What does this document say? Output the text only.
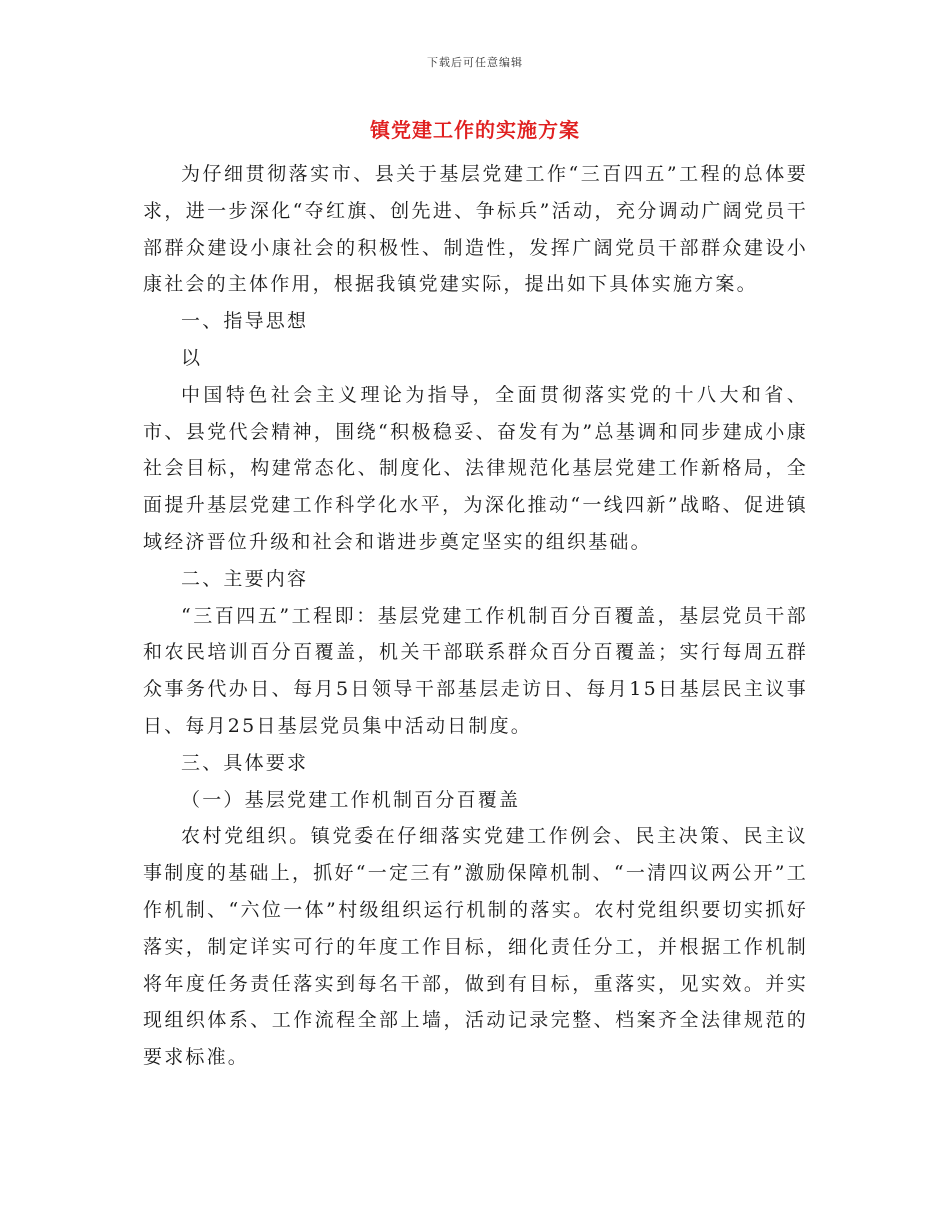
下载后可任意编辑
镇党建工作的实施方案

为仔细贯彻落实市、县关于基层党建工作“三百四五”工程的总体要求，进一步深化“夺红旗、创先进、争标兵”活动，充分调动广阔党员干部群众建设小康社会的积极性、制造性，发挥广阔党员干部群众建设小康社会的主体作用，根据我镇党建实际，提出如下具体实施方案。

一、指导思想

以

中国特色社会主义理论为指导，全面贯彻落实党的十八大和省、市、县党代会精神，围绕“积极稳妥、奋发有为”总基调和同步建成小康社会目标，构建常态化、制度化、法律规范化基层党建工作新格局，全面提升基层党建工作科学化水平，为深化推动“一线四新”战略、促进镇域经济晋位升级和社会和谐进步奠定坚实的组织基础。

二、主要内容

“三百四五”工程即：基层党建工作机制百分百覆盖，基层党员干部和农民培训百分百覆盖，机关干部联系群众百分百覆盖；实行每周五群众事务代办日、每月5日领导干部基层走访日、每月15日基层民主议事日、每月25日基层党员集中活动日制度。

三、具体要求

（一）基层党建工作机制百分百覆盖

农村党组织。镇党委在仔细落实党建工作例会、民主决策、民主议事制度的基础上，抓好“一定三有”激励保障机制、“一清四议两公开”工作机制、“六位一体”村级组织运行机制的落实。农村党组织要切实抓好落实，制定详实可行的年度工作目标，细化责任分工，并根据工作机制将年度任务责任落实到每名干部，做到有目标，重落实，见实效。并实现组织体系、工作流程全部上墙，活动记录完整、档案齐全法律规范的要求标准。
